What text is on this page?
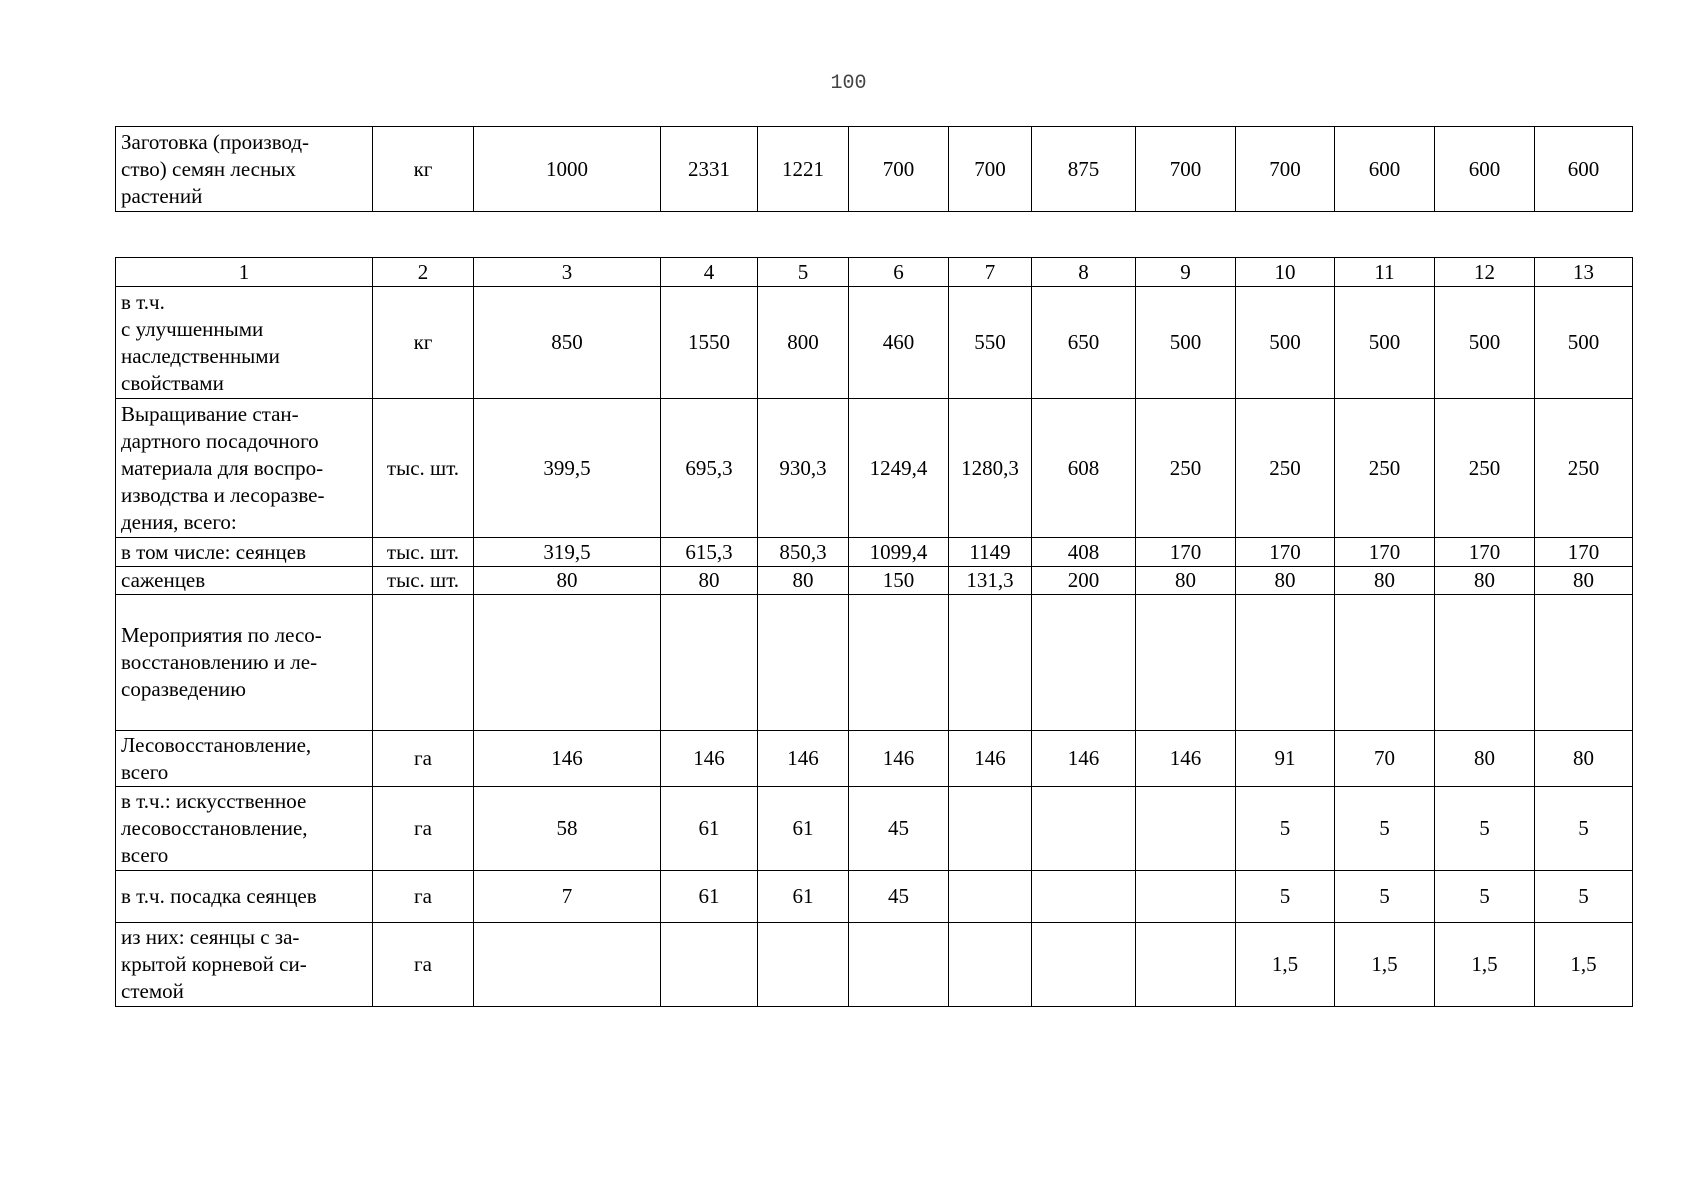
100
Заготовка (производ-
ство) семян лесных
растений	кг	1000	2331	1221	700	700	875	700	700	600	600	600
1	2	3	4	5	6	7	8	9	10	11	12	13
в т.ч.
с улучшенными
наследственными
свойствами	кг	850	1550	800	460	550	650	500	500	500	500	500
Выращивание стан-
дартного посадочного
материала для воспро-
изводства и лесоразве-
дения, всего:	тыс. шт.	399,5	695,3	930,3	1249,4	1280,3	608	250	250	250	250	250
в том числе: сеянцев	тыс. шт.	319,5	615,3	850,3	1099,4	1149	408	170	170	170	170	170
саженцев	тыс. шт.	80	80	80	150	131,3	200	80	80	80	80	80
Мероприятия по лесо-
восстановлению и ле-
соразведению												
Лесовосстановление,
всего	га	146	146	146	146	146	146	146	91	70	80	80
в т.ч.: искусственное
лесовосстановление,
всего	га	58	61	61	45				5	5	5	5
в т.ч. посадка сеянцев	га	7	61	61	45				5	5	5	5
из них: сеянцы с за-
крытой корневой си-
стемой	га								1,5	1,5	1,5	1,5
